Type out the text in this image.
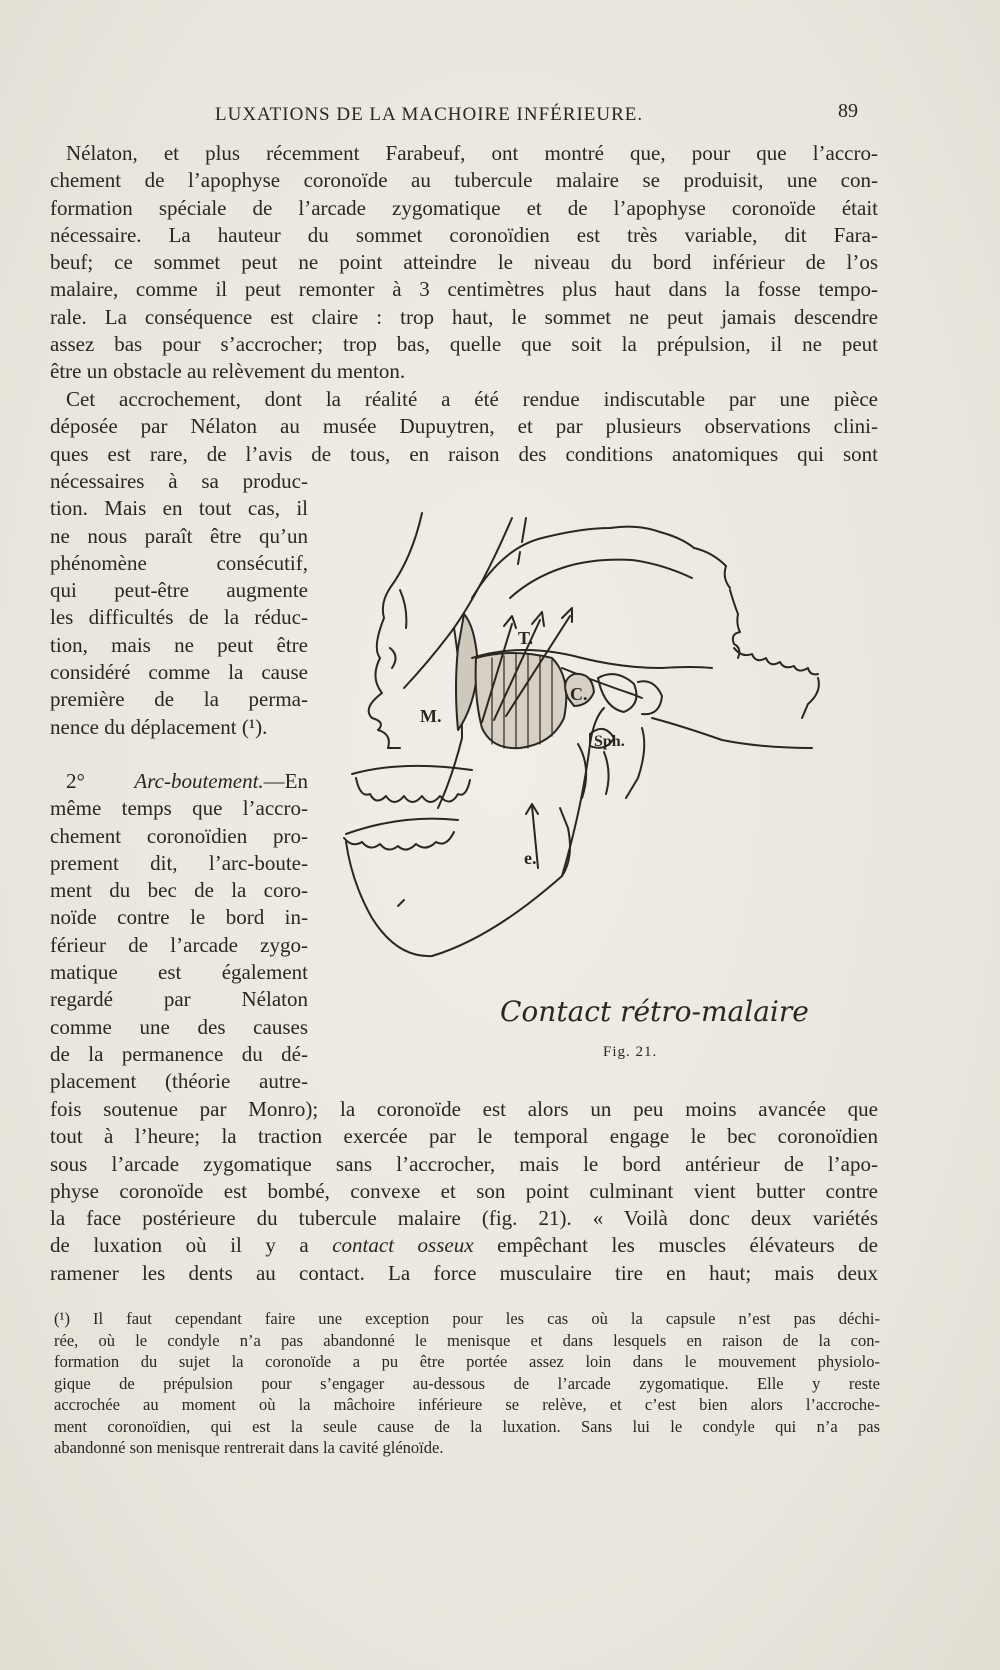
LUXATIONS DE LA MACHOIRE INFÉRIEURE.	89
Nélaton, et plus récemment Farabeuf, ont montré que, pour que l’accro-
chement de l’apophyse coronoïde au tubercule malaire se produisit, une con-
formation spéciale de l’arcade zygomatique et de l’apophyse coronoïde était
nécessaire. La hauteur du sommet coronoïdien est très variable, dit Fara-
beuf; ce sommet peut ne point atteindre le niveau du bord inférieur de l’os
malaire, comme il peut remonter à 3 centimètres plus haut dans la fosse tempo-
rale. La conséquence est claire : trop haut, le sommet ne peut jamais descendre
assez bas pour s’accrocher; trop bas, quelle que soit la prépulsion, il ne peut
être un obstacle au relèvement du menton.
Cet accrochement, dont la réalité a été rendue indiscutable par une pièce
déposée par Nélaton au musée Dupuytren, et par plusieurs observations clini-
ques est rare, de l’avis de tous, en raison des conditions anatomiques qui sont
nécessaires à sa produc-
tion. Mais en tout cas, il
ne nous paraît être qu’un
phénomène consécutif,
qui peut-être augmente
les difficultés de la réduc-
tion, mais ne peut être
considéré comme la cause
première de la perma-
nence du déplacement (¹).
2° Arc-boutement.—En
même temps que l’accro-
chement coronoïdien pro-
prement dit, l’arc-boute-
ment du bec de la coro-
noïde contre le bord in-
férieur de l’arcade zygo-
matique est également
regardé par Nélaton
comme une des causes
de la permanence du dé-
placement (théorie autre-
fois soutenue par Monro); la coronoïde est alors un peu moins avancée que
tout à l’heure; la traction exercée par le temporal engage le bec coronoïdien
sous l’arcade zygomatique sans l’accrocher, mais le bord antérieur de l’apo-
physe coronoïde est bombé, convexe et son point culminant vient butter contre
la face postérieure du tubercule malaire (fig. 21). « Voilà donc deux variétés
de luxation où il y a contact osseux empêchant les muscles élévateurs de
ramener les dents au contact. La force musculaire tire en haut; mais deux
T.
M.
C.
Sph.
e.
Contact rétro-malaire
Fig. 21.
(¹) Il faut cependant faire une exception pour les cas où la capsule n’est pas déchi-
rée, où le condyle n’a pas abandonné le menisque et dans lesquels en raison de la con-
formation du sujet la coronoïde a pu être portée assez loin dans le mouvement physiolo-
gique de prépulsion pour s’engager au-dessous de l’arcade zygomatique. Elle y reste
accrochée au moment où la mâchoire inférieure se relève, et c’est bien alors l’accroche-
ment coronoïdien, qui est la seule cause de la luxation. Sans lui le condyle qui n’a pas
abandonné son menisque rentrerait dans la cavité glénoïde.
